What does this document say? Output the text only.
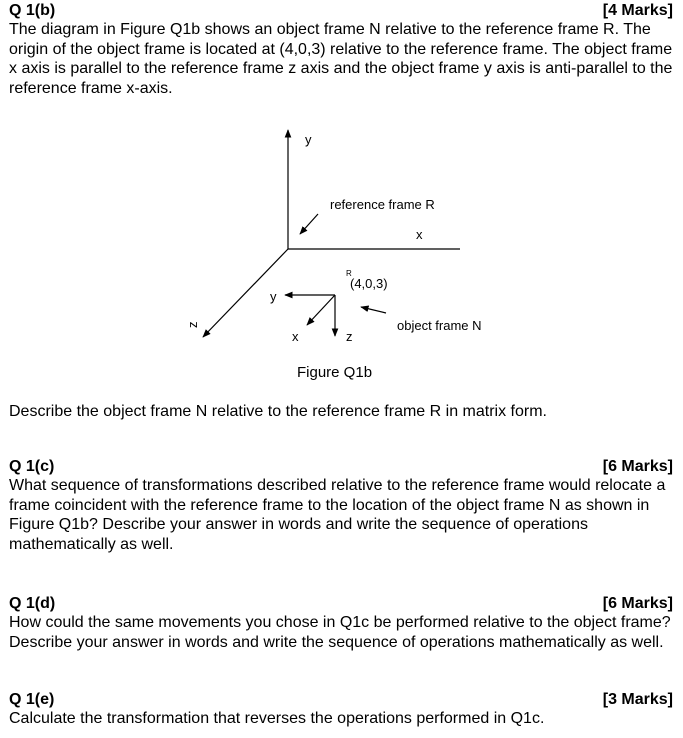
Q 1(b)	[4 Marks]

The diagram in Figure Q1b shows an object frame N relative to the reference frame R. The origin of the object frame is located at (4,0,3) relative to the reference frame. The object frame x axis is parallel to the reference frame z axis and the object frame y axis is anti-parallel to the reference frame x-axis.

y
reference frame R
x
z
R
(4,0,3)
y
x	z
object frame N
Figure Q1b

Describe the object frame N relative to the reference frame R in matrix form.

Q 1(c)	[6 Marks]

What sequence of transformations described relative to the reference frame would relocate a frame coincident with the reference frame to the location of the object frame N as shown in Figure Q1b? Describe your answer in words and write the sequence of operations mathematically as well.

Q 1(d)	[6 Marks]

How could the same movements you chose in Q1c be performed relative to the object frame? Describe your answer in words and write the sequence of operations mathematically as well.

Q 1(e)	[3 Marks]

Calculate the transformation that reverses the operations performed in Q1c.
